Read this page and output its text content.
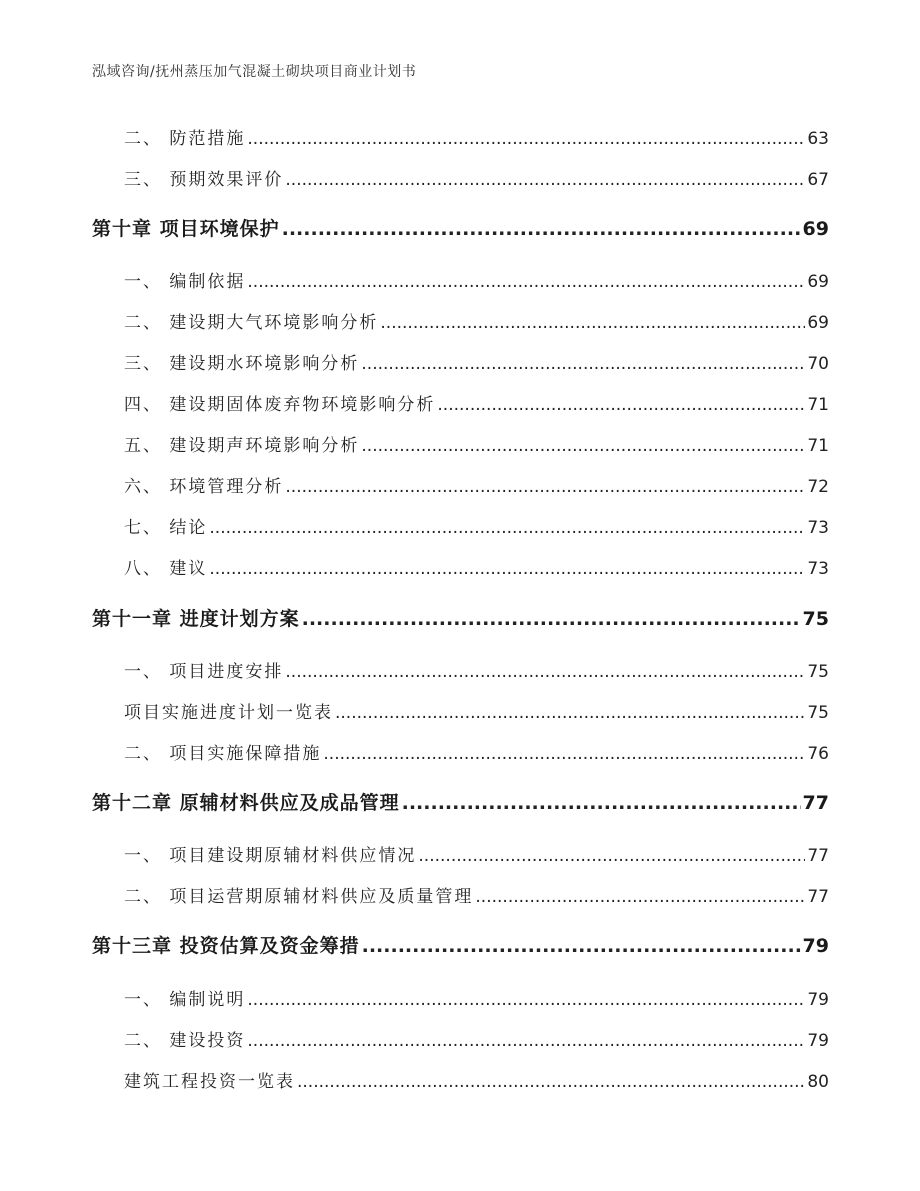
泓域咨询/抚州蒸压加气混凝土砌块项目商业计划书
二、 防范措施 .....	63
三、 预期效果评价 .....	67
第十章 项目环境保护 .....	69
一、 编制依据 .....	69
二、 建设期大气环境影响分析 .....	69
三、 建设期水环境影响分析 .....	70
四、 建设期固体废弃物环境影响分析 .....	71
五、 建设期声环境影响分析 .....	71
六、 环境管理分析 .....	72
七、 结论 .....	73
八、 建议 .....	73
第十一章 进度计划方案 .....	75
一、 项目进度安排 .....	75
项目实施进度计划一览表 .....	75
二、 项目实施保障措施 .....	76
第十二章 原辅材料供应及成品管理 .....	77
一、 项目建设期原辅材料供应情况 .....	77
二、 项目运营期原辅材料供应及质量管理 .....	77
第十三章 投资估算及资金筹措 .....	79
一、 编制说明 .....	79
二、 建设投资 .....	79
建筑工程投资一览表 .....	80
